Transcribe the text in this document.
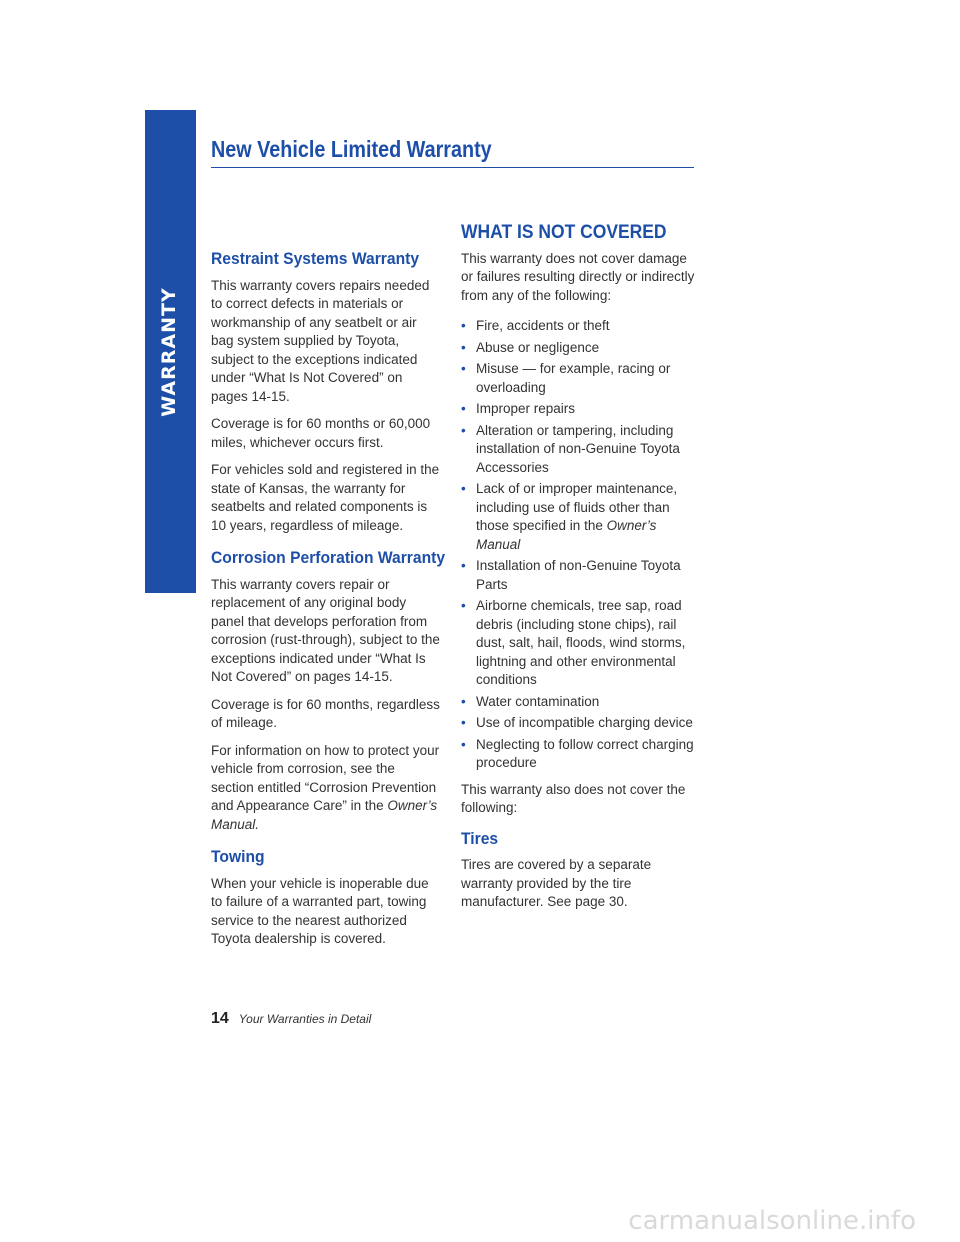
WARRANTY
New Vehicle Limited Warranty
Restraint Systems Warranty

This warranty covers repairs needed to correct defects in materials or workmanship of any seatbelt or air bag system supplied by Toyota, subject to the exceptions indicated under “What Is Not Covered” on pages 14-15.

Coverage is for 60 months or 60,000 miles, whichever occurs first.

For vehicles sold and registered in the state of Kansas, the warranty for seatbelts and related components is 10 years, regardless of mileage.

Corrosion Perforation Warranty

This warranty covers repair or replacement of any original body panel that develops perforation from corrosion (rust-through), subject to the exceptions indicated under “What Is Not Covered” on pages 14-15.

Coverage is for 60 months, regardless of mileage.

For information on how to protect your vehicle from corrosion, see the section entitled “Corrosion Prevention and Appearance Care” in the Owner’s Manual.

Towing

When your vehicle is inoperable due to failure of a warranted part, towing service to the nearest authorized Toyota dealership is covered.

WHAT IS NOT COVERED

This warranty does not cover damage or failures resulting directly or indirectly from any of the following:

• Fire, accidents or theft
• Abuse or negligence
• Misuse — for example, racing or overloading
• Improper repairs
• Alteration or tampering, including installation of non-Genuine Toyota Accessories
• Lack of or improper maintenance, including use of fluids other than those specified in the Owner’s Manual
• Installation of non-Genuine Toyota Parts
• Airborne chemicals, tree sap, road debris (including stone chips), rail dust, salt, hail, floods, wind storms, lightning and other environmental conditions
• Water contamination
• Use of incompatible charging device
• Neglecting to follow correct charging procedure

This warranty also does not cover the following:

Tires

Tires are covered by a separate warranty provided by the tire manufacturer. See page 30.

14 Your Warranties in Detail
carmanualsonline.info
